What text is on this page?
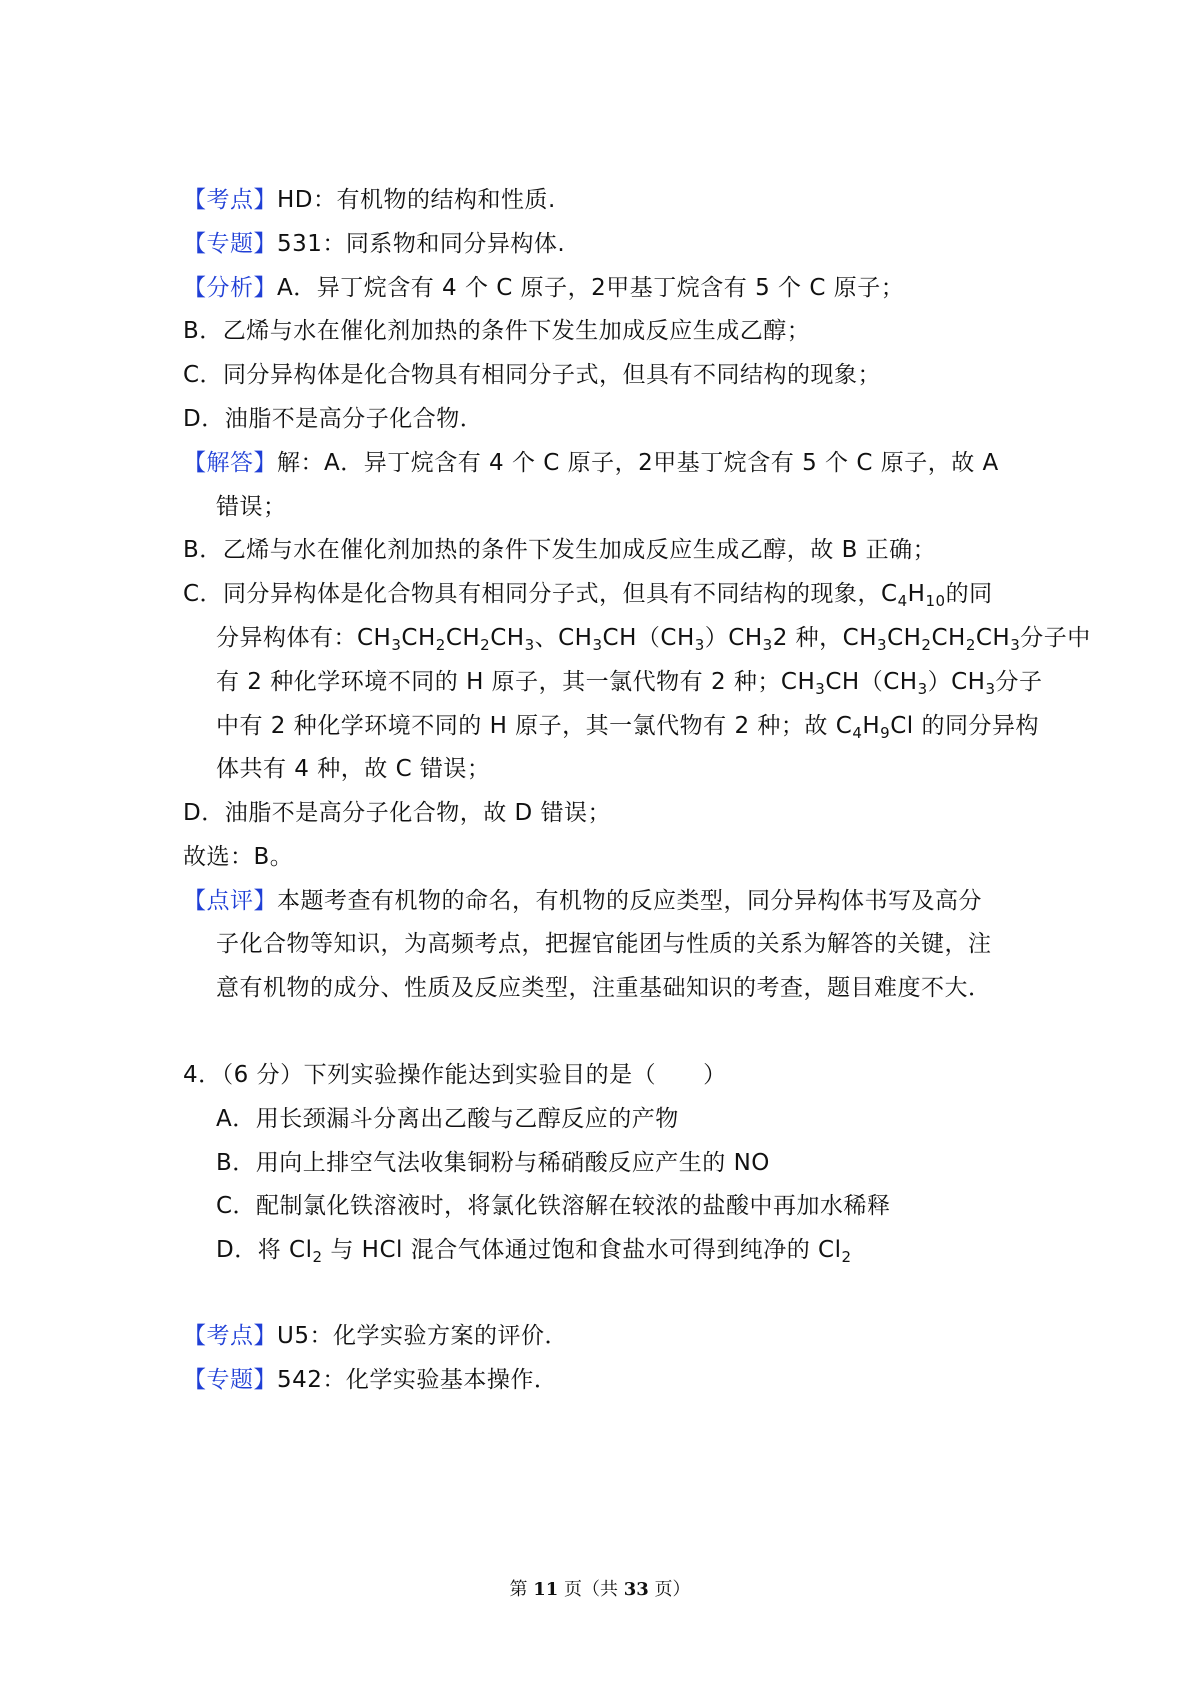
【考点】HD：有机物的结构和性质.
【专题】531：同系物和同分异构体.
【分析】A．异丁烷含有 4 个 C 原子，2甲基丁烷含有 5 个 C 原子；
B．乙烯与水在催化剂加热的条件下发生加成反应生成乙醇；
C．同分异构体是化合物具有相同分子式，但具有不同结构的现象；
D．油脂不是高分子化合物．
【解答】解：A．异丁烷含有 4 个 C 原子，2甲基丁烷含有 5 个 C 原子，故 A
错误；
B．乙烯与水在催化剂加热的条件下发生加成反应生成乙醇，故 B 正确；
C．同分异构体是化合物具有相同分子式，但具有不同结构的现象，$C_4H_{10}$的同
分异构体有：$CH_3CH_2CH_2CH_3$、$CH_3CH(CH_3)CH_32$ 种，$CH_3CH_2CH_2CH_3$分子中
有 2 种化学环境不同的 H 原子，其一氯代物有 2 种；$CH_3CH(CH_3)CH_3$分子
中有 2 种化学环境不同的 H 原子，其一氯代物有 2 种；故 $C_4H_9Cl$ 的同分异构
体共有 4 种，故 C 错误；
D．油脂不是高分子化合物，故 D 错误；
故选：B。
【点评】本题考查有机物的命名，有机物的反应类型，同分异构体书写及高分
子化合物等知识，为高频考点，把握官能团与性质的关系为解答的关键，注
意有机物的成分、性质及反应类型，注重基础知识的考查，题目难度不大．
4．（6 分）下列实验操作能达到实验目的是（　　）
A．用长颈漏斗分离出乙酸与乙醇反应的产物
B．用向上排空气法收集铜粉与稀硝酸反应产生的 NO
C．配制氯化铁溶液时，将氯化铁溶解在较浓的盐酸中再加水稀释
D．将 $Cl_2$ 与 HCl 混合气体通过饱和食盐水可得到纯净的 $Cl_2$
【考点】U5：化学实验方案的评价．
【专题】542：化学实验基本操作．
第 11 页（共 33 页）
